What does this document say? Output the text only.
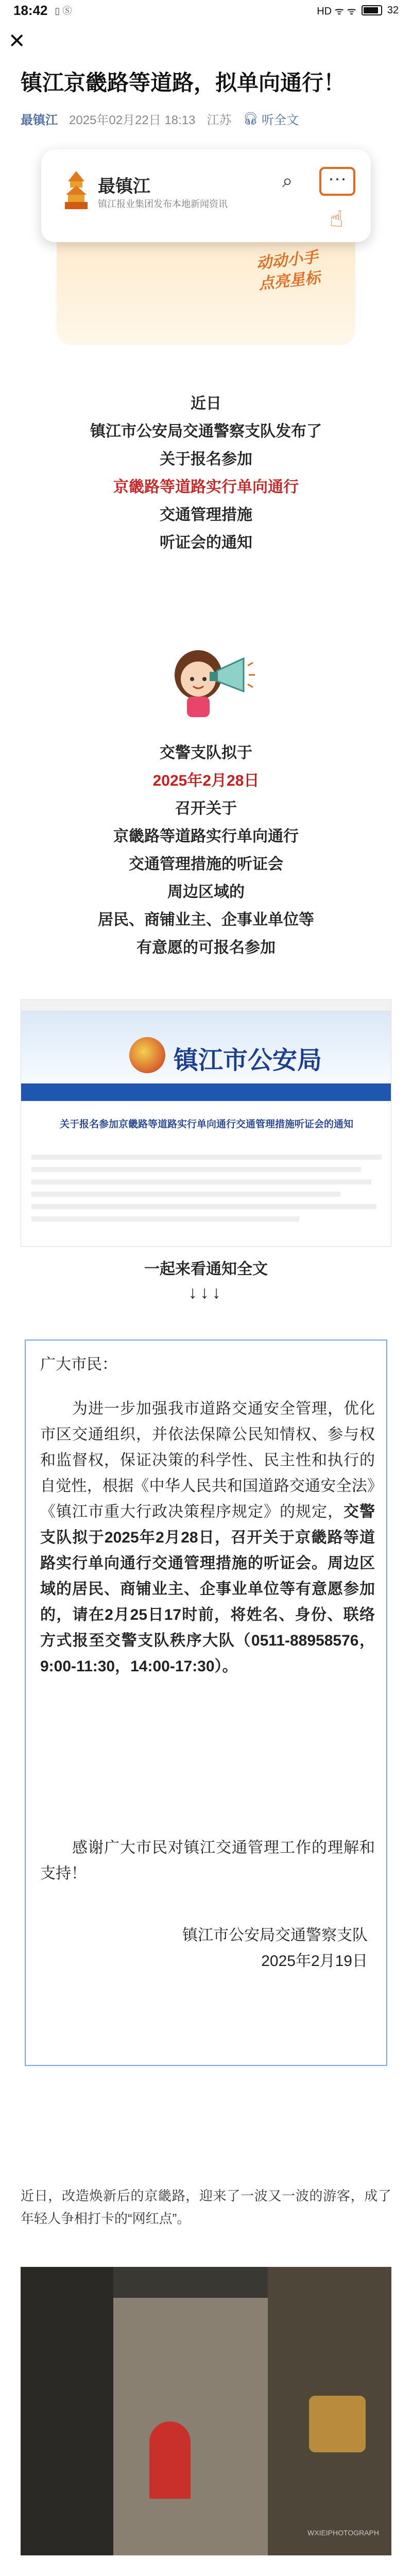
18:42 ▯ Ⓢ	HD ᯤ ᯤ	32
✕
镇江京畿路等道路，拟单向通行！
最镇江 2025年02月22日 18:13 江苏 🎧︎ 听全文
最镇江
镇江报业集团发布本地新闻资讯
⌕	···
☝
动动小手
点亮星标
近日
镇江市公安局交通警察支队发布了
关于报名参加
京畿路等道路实行单向通行
交通管理措施
听证会的通知
交警支队拟于
2025年2月28日
召开关于
京畿路等道路实行单向通行
交通管理措施的听证会
周边区域的
居民、商铺业主、企事业单位等
有意愿的可报名参加
镇江市公安局
关于报名参加京畿路等道路实行单向通行交通管理措施听证会的通知
一起来看通知全文
↓↓↓

广大市民：

为进一步加强我市道路交通安全管理，优化市区交通组织，并依法保障公民知情权、参与权和监督权，保证决策的科学性、民主性和执行的自觉性，根据《中华人民共和国道路交通安全法》《镇江市重大行政决策程序规定》的规定，交警支队拟于2025年2月28日，召开关于京畿路等道路实行单向通行交通管理措施的听证会。周边区域的居民、商铺业主、企事业单位等有意愿参加的，请在2月25日17时前，将姓名、身份、联络方式报至交警支队秩序大队（0511-88958576，9:00-11:30，14:00-17:30）。

感谢广大市民对镇江交通管理工作的理解和支持！

镇江市公安局交通警察支队

2025年2月19日

近日，改造焕新后的京畿路，迎来了一波又一波的游客，成了年轻人争相打卡的“网红点”。
WXIEIPHOTOGRAPH
